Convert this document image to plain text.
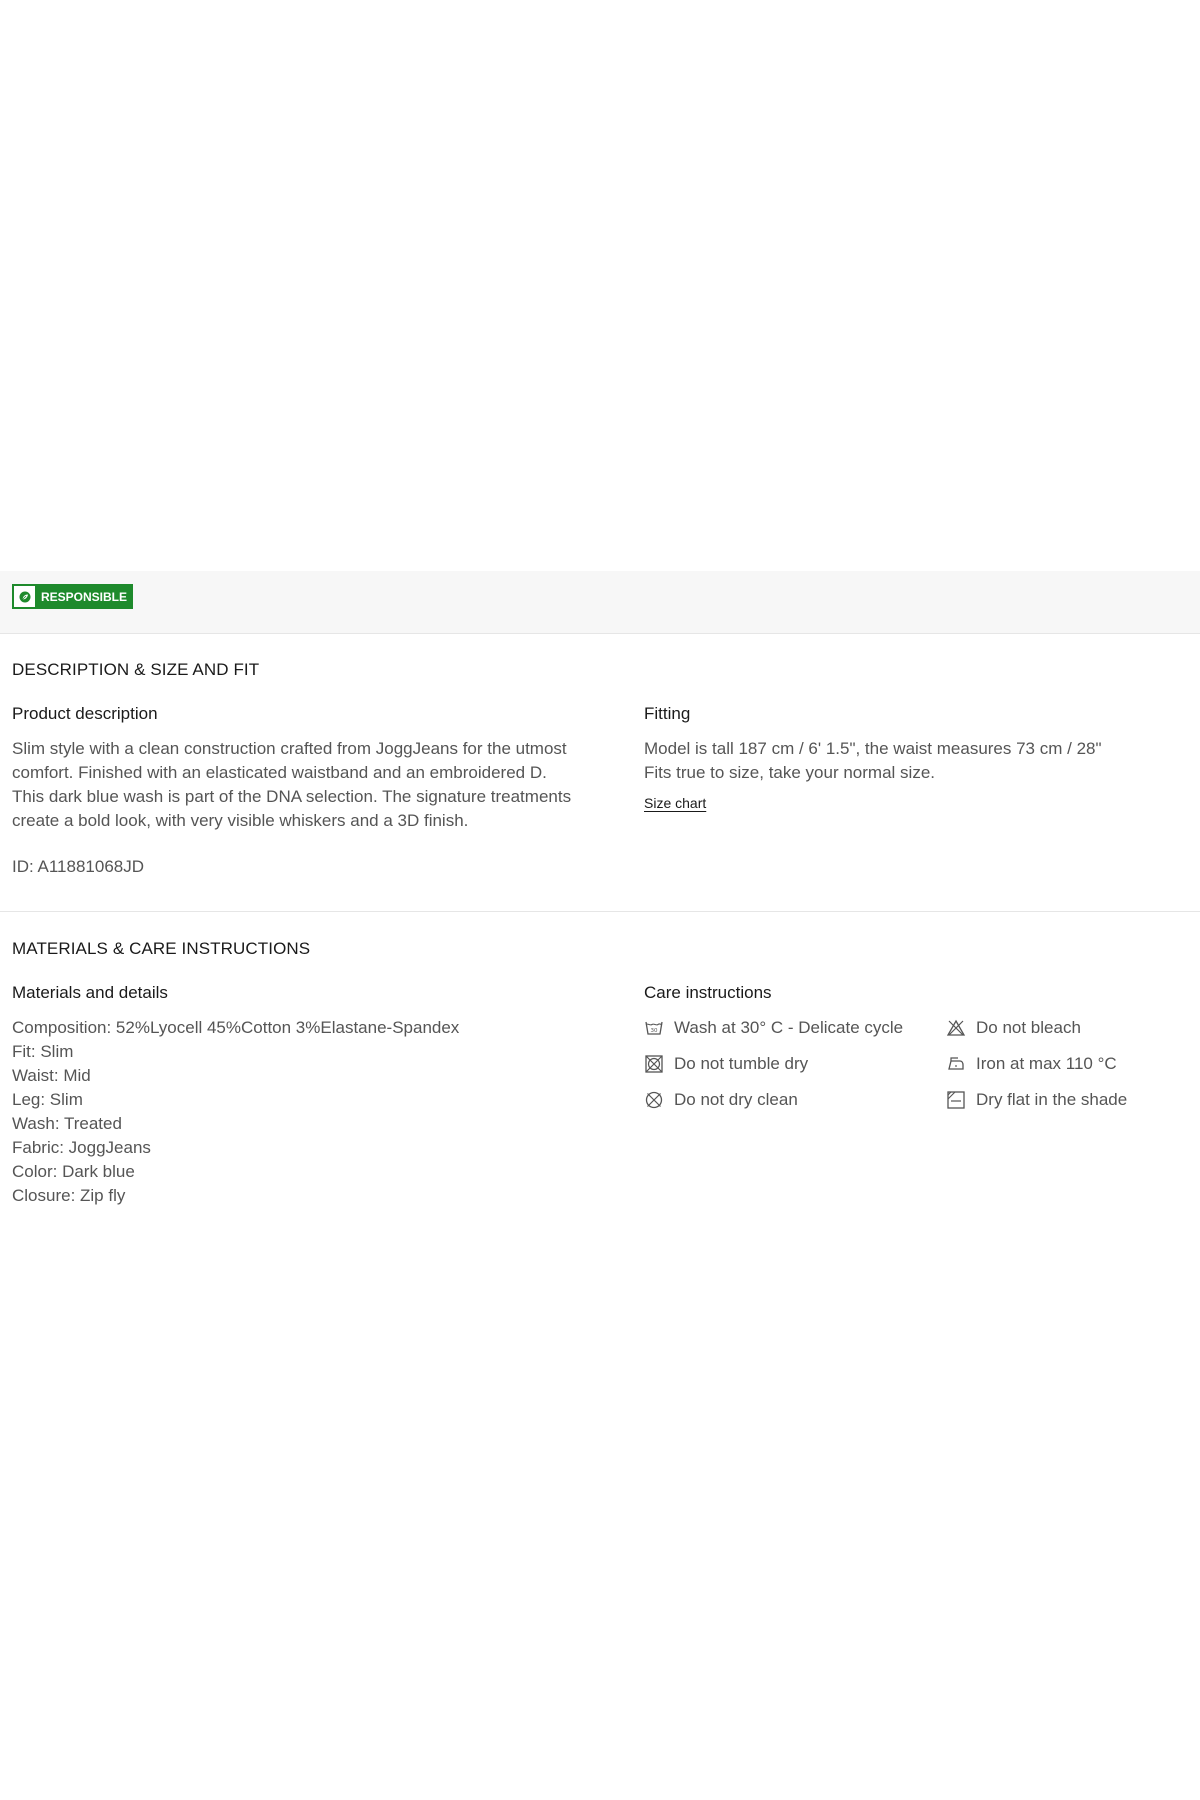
RESPONSIBLE
DESCRIPTION & SIZE AND FIT
Product description

Slim style with a clean construction crafted from JoggJeans for the utmost

comfort. Finished with an elasticated waistband and an embroidered D.

This dark blue wash is part of the DNA selection. The signature treatments

create a bold look, with very visible whiskers and a 3D finish.

ID: A11881068JD
Fitting

Model is tall 187 cm / 6' 1.5", the waist measures 73 cm / 28"

Fits true to size, take your normal size.

Size chart
MATERIALS & CARE INSTRUCTIONS
Materials and details
Composition: 52%Lyocell 45%Cotton 3%Elastane-Spandex
Fit: Slim
Waist: Mid
Leg: Slim
Wash: Treated
Fabric: JoggJeans
Color: Dark blue
Closure: Zip fly
Care instructions
30 Wash at 30° C - Delicate cycle	Do not bleach
Do not tumble dry	Iron at max 110 °C
Do not dry clean	Dry flat in the shade
